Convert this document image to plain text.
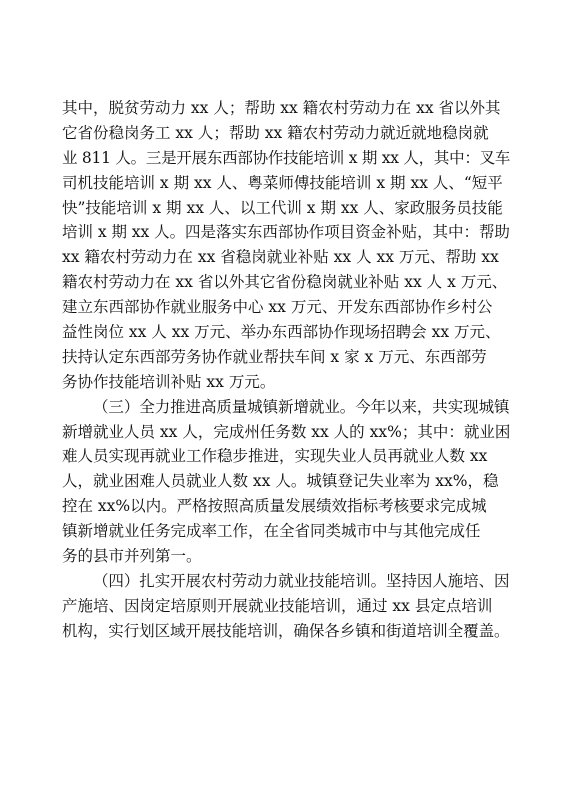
其中，脱贫劳动力 xx 人；帮助 xx 籍农村劳动力在 xx 省以外其
它省份稳岗务工 xx 人；帮助 xx 籍农村劳动力就近就地稳岗就
业 811 人。三是开展东西部协作技能培训 x 期 xx 人，其中：叉车
司机技能培训 x 期 xx 人、粤菜师傅技能培训 x 期 xx 人、“短平
快”技能培训 x 期 xx 人、以工代训 x 期 xx 人、家政服务员技能
培训 x 期 xx 人。四是落实东西部协作项目资金补贴，其中：帮助
xx 籍农村劳动力在 xx 省稳岗就业补贴 xx 人 xx 万元、帮助 xx
籍农村劳动力在 xx 省以外其它省份稳岗就业补贴 xx 人 x 万元、
建立东西部协作就业服务中心 xx 万元、开发东西部协作乡村公
益性岗位 xx 人 xx 万元、举办东西部协作现场招聘会 xx 万元、
扶持认定东西部劳务协作就业帮扶车间 x 家 x 万元、东西部劳
务协作技能培训补贴 xx 万元。
（三）全力推进高质量城镇新增就业。今年以来，共实现城镇
新增就业人员 xx 人，完成州任务数 xx 人的 xx%；其中：就业困
难人员实现再就业工作稳步推进，实现失业人员再就业人数 xx
人，就业困难人员就业人数 xx 人。城镇登记失业率为 xx%，稳
控在 xx%以内。严格按照高质量发展绩效指标考核要求完成城
镇新增就业任务完成率工作，在全省同类城市中与其他完成任
务的县市并列第一。
（四）扎实开展农村劳动力就业技能培训。坚持因人施培、因
产施培、因岗定培原则开展就业技能培训，通过 xx 县定点培训
机构，实行划区域开展技能培训，确保各乡镇和街道培训全覆盖。
